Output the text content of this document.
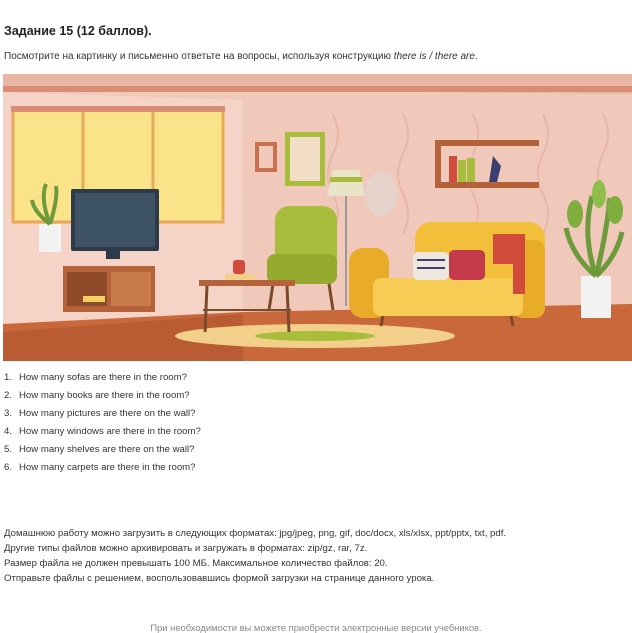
Задание 15 (12 баллов).
Посмотрите на картинку и письменно ответьте на вопросы, используя конструкцию there is / there are.
1. How many sofas are there in the room?
2. How many books are there in the room?
3. How many pictures are there on the wall?
4. How many windows are there in the room?
5. How many shelves are there on the wall?
6. How many carpets are there in the room?
Домашнюю работу можно загрузить в следующих форматах: jpg/jpeg, png, gif, doc/docx, xls/xlsx, ppt/pptx, txt, pdf.
Другие типы файлов можно архивировать и загружать в форматах: zip/gz, rar, 7z.
Размер файла не должен превышать 100 МБ. Максимальное количество файлов: 20.
Отправьте файлы с решением, воспользовавшись формой загрузки на странице данного урока.
При необходимости вы можете приобрести электронные версии учебников.
